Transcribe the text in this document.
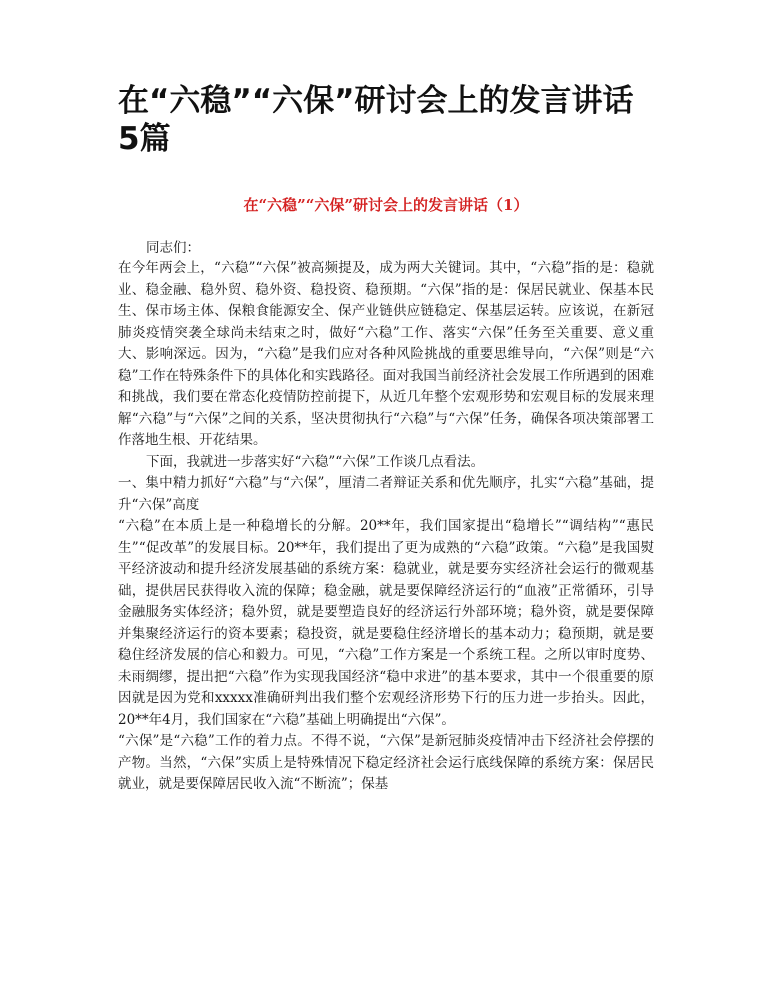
在“六稳”“六保”研讨会上的发言讲话5篇
在“六稳”“六保”研讨会上的发言讲话（1）
同志们：

在今年两会上，“六稳”“六保”被高频提及，成为两大关键词。其中，“六稳”指的是：稳就业、稳金融、稳外贸、稳外资、稳投资、稳预期。“六保”指的是：保居民就业、保基本民生、保市场主体、保粮食能源安全、保产业链供应链稳定、保基层运转。应该说，在新冠肺炎疫情突袭全球尚未结束之时，做好“六稳”工作、落实“六保”任务至关重要、意义重大、影响深远。因为，“六稳”是我们应对各种风险挑战的重要思维导向，“六保”则是“六稳”工作在特殊条件下的具体化和实践路径。面对我国当前经济社会发展工作所遇到的困难和挑战，我们要在常态化疫情防控前提下，从近几年整个宏观形势和宏观目标的发展来理解“六稳”与“六保”之间的关系，坚决贯彻执行“六稳”与“六保”任务，确保各项决策部署工作落地生根、开花结果。

下面，我就进一步落实好“六稳”“六保”工作谈几点看法。

一、集中精力抓好“六稳”与“六保”，厘清二者辩证关系和优先顺序，扎实“六稳”基础，提升“六保”高度

“六稳”在本质上是一种稳增长的分解。20**年，我们国家提出“稳增长”“调结构”“惠民生”“促改革”的发展目标。20**年，我们提出了更为成熟的“六稳”政策。“六稳”是我国熨平经济波动和提升经济发展基础的系统方案：稳就业，就是要夯实经济社会运行的微观基础，提供居民获得收入流的保障；稳金融，就是要保障经济运行的“血液”正常循环，引导金融服务实体经济；稳外贸，就是要塑造良好的经济运行外部环境；稳外资，就是要保障并集聚经济运行的资本要素；稳投资，就是要稳住经济增长的基本动力；稳预期，就是要稳住经济发展的信心和毅力。可见，“六稳”工作方案是一个系统工程。之所以审时度势、未雨绸缪，提出把“六稳”作为实现我国经济“稳中求进”的基本要求，其中一个很重要的原因就是因为党和xxxxx准确研判出我们整个宏观经济形势下行的压力进一步抬头。因此，20**年4月，我们国家在“六稳”基础上明确提出“六保”。

“六保”是“六稳”工作的着力点。不得不说，“六保”是新冠肺炎疫情冲击下经济社会停摆的产物。当然，“六保”实质上是特殊情况下稳定经济社会运行底线保障的系统方案：保居民就业，就是要保障居民收入流“不断流”；保基
